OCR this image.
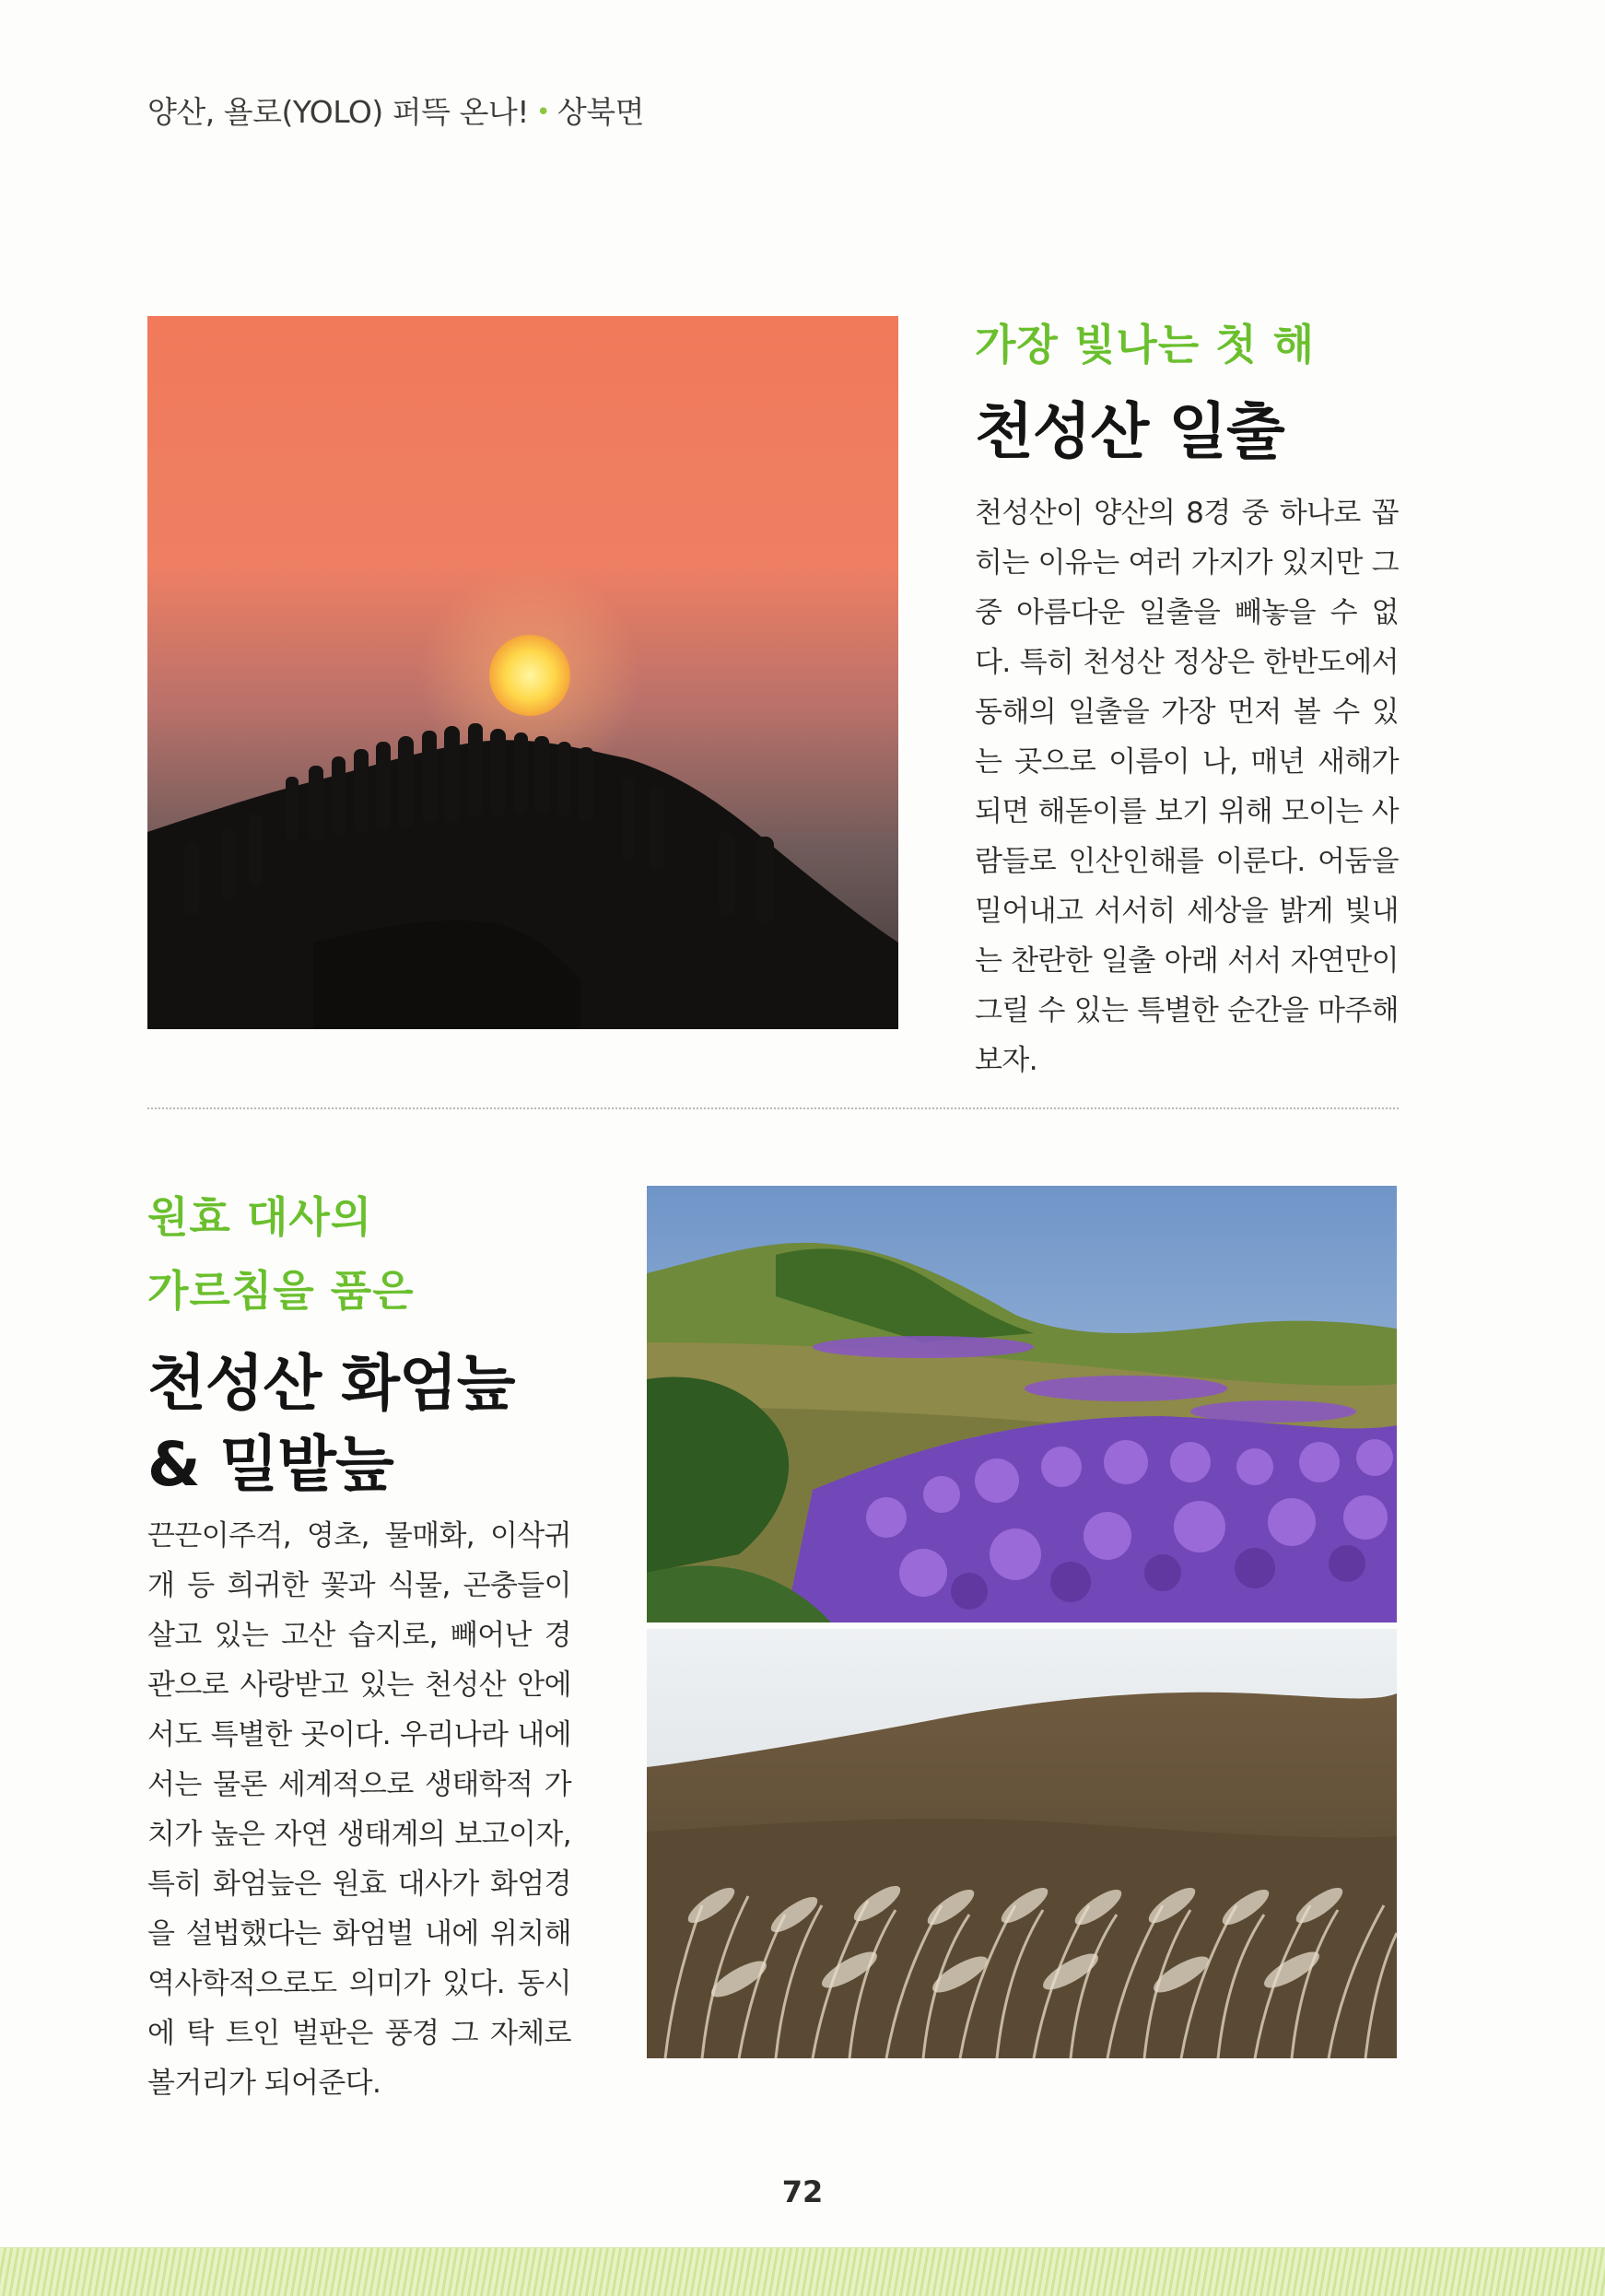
양산, 욜로(YOLO) 퍼뜩 온나! • 상북면
가장 빛나는 첫 해
천성산 일출
천성산이 양산의 8경 중 하나로 꼽히는 이유는 여러 가지가 있지만 그중 아름다운 일출을 빼놓을 수 없다. 특히 천성산 정상은 한반도에서 동해의 일출을 가장 먼저 볼 수 있는 곳으로 이름이 나, 매년 새해가 되면 해돋이를 보기 위해 모이는 사람들로 인산인해를 이룬다. 어둠을 밀어내고 서서히 세상을 밝게 빛내는 찬란한 일출 아래 서서 자연만이 그릴 수 있는 특별한 순간을 마주해 보자.
원효 대사의
가르침을 품은
천성산 화엄늪
& 밀밭늪
끈끈이주걱, 영초, 물매화, 이삭귀개 등 희귀한 꽃과 식물, 곤충들이 살고 있는 고산 습지로, 빼어난 경관으로 사랑받고 있는 천성산 안에서도 특별한 곳이다. 우리나라 내에서는 물론 세계적으로 생태학적 가치가 높은 자연 생태계의 보고이자, 특히 화엄늪은 원효 대사가 화엄경을 설법했다는 화엄벌 내에 위치해 역사학적으로도 의미가 있다. 동시에 탁 트인 벌판은 풍경 그 자체로 볼거리가 되어준다.
72
